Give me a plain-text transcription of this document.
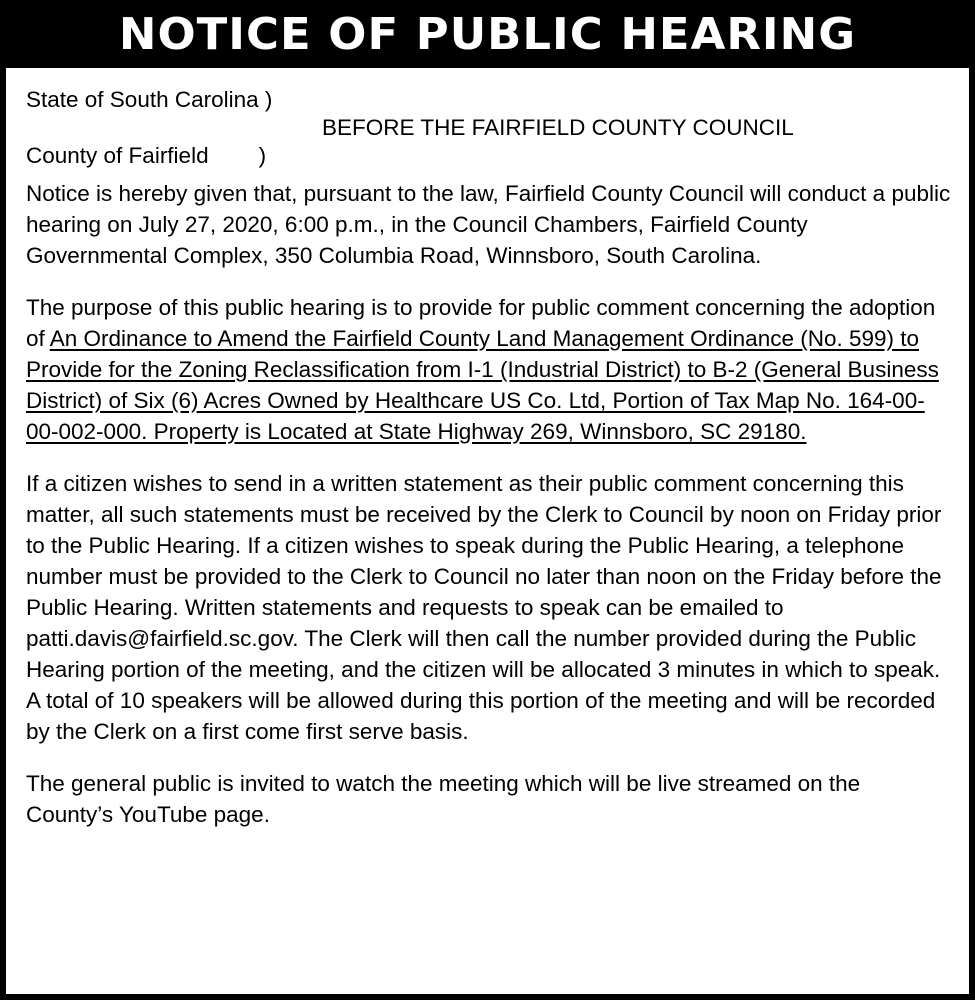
NOTICE OF PUBLIC HEARING
State of South Carolina )
BEFORE THE FAIRFIELD COUNTY COUNCIL
County of Fairfield        )

Notice is hereby given that, pursuant to the law, Fairfield County Council will conduct a public hearing on July 27, 2020, 6:00 p.m., in the Council Chambers, Fairfield County Governmental Complex, 350 Columbia Road, Winnsboro, South Carolina.

The purpose of this public hearing is to provide for public comment concerning the adoption of An Ordinance to Amend the Fairfield County Land Management Ordinance (No. 599) to Provide for the Zoning Reclassification from I-1 (Industrial District) to B-2 (General Business District) of Six (6) Acres Owned by Healthcare US Co. Ltd, Portion of Tax Map No. 164-00-00-002-000. Property is Located at State Highway 269, Winnsboro, SC 29180.

If a citizen wishes to send in a written statement as their public comment concerning this matter, all such statements must be received by the Clerk to Council by noon on Friday prior to the Public Hearing. If a citizen wishes to speak during the Public Hearing, a telephone number must be provided to the Clerk to Council no later than noon on the Friday before the Public Hearing. Written statements and requests to speak can be emailed to patti.davis@fairfield.sc.gov. The Clerk will then call the number provided during the Public Hearing portion of the meeting, and the citizen will be allocated 3 minutes in which to speak. A total of 10 speakers will be allowed during this portion of the meeting and will be recorded by the Clerk on a first come first serve basis.

The general public is invited to watch the meeting which will be live streamed on the County’s YouTube page.
